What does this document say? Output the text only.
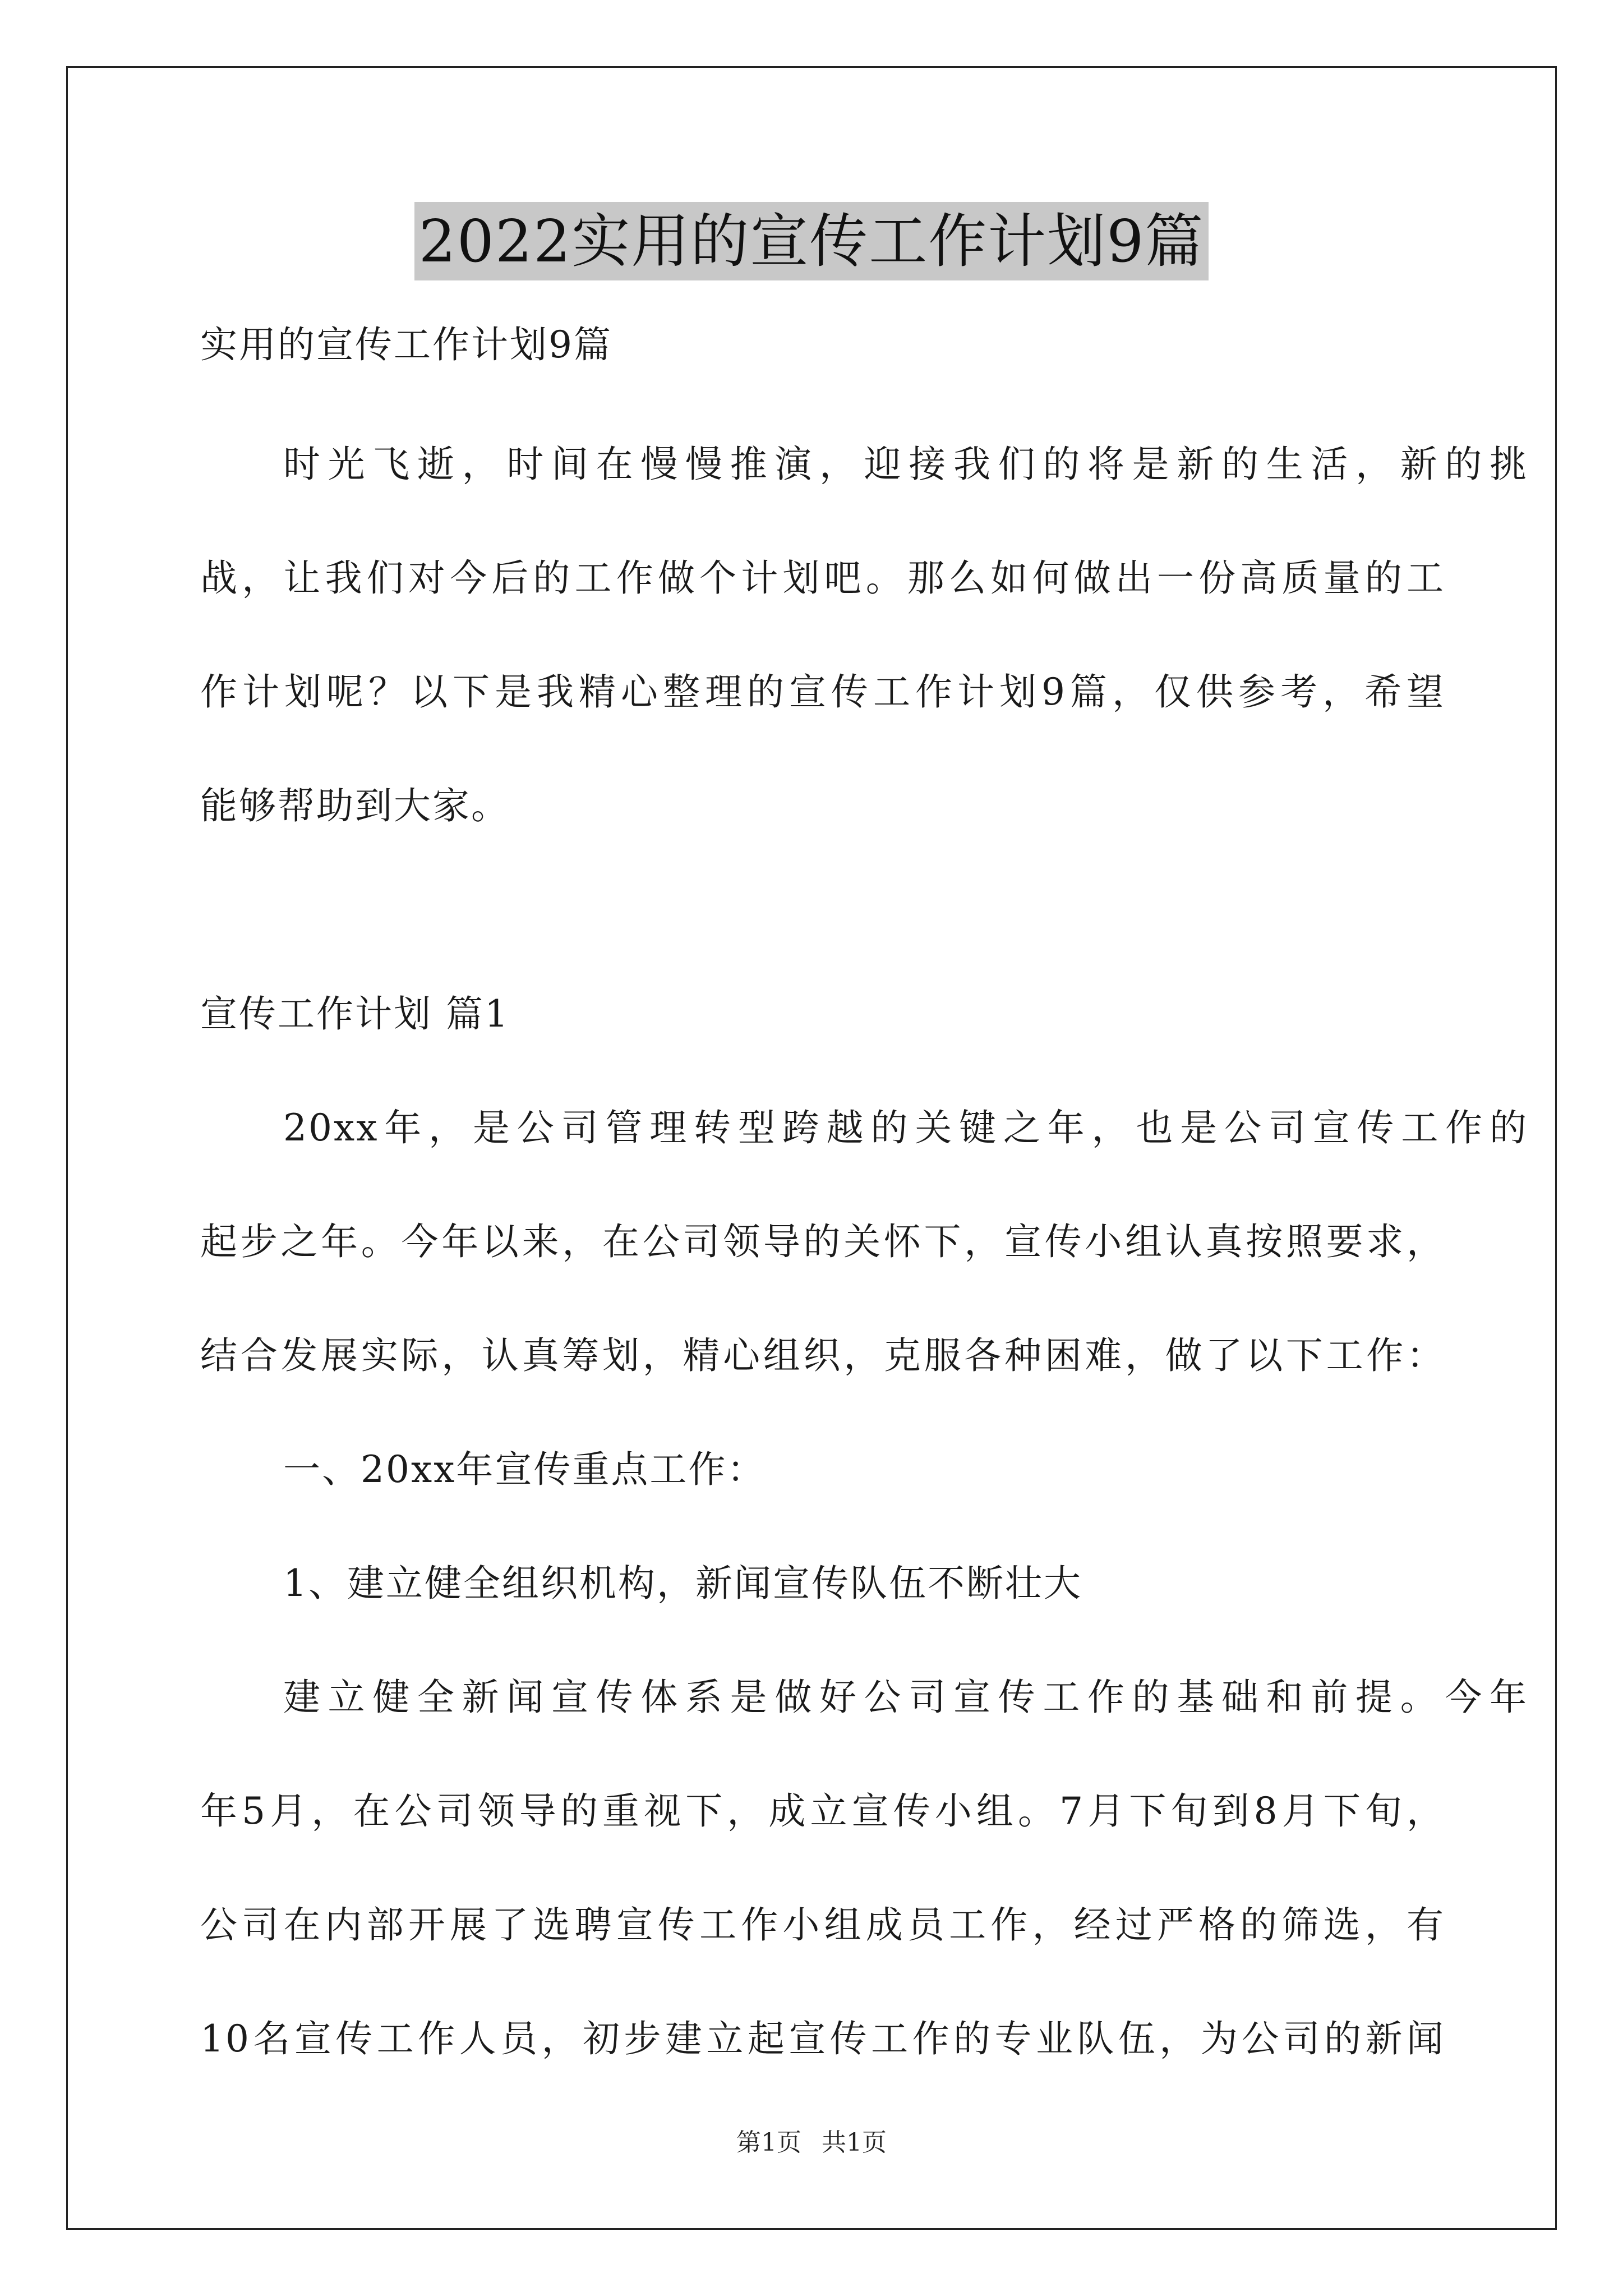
2022实用的宣传工作计划9篇
实用的宣传工作计划9篇
时光飞逝，时间在慢慢推演，迎接我们的将是新的生活，新的挑
战，让我们对今后的工作做个计划吧。那么如何做出一份高质量的工
作计划呢？以下是我精心整理的宣传工作计划9篇，仅供参考，希望
能够帮助到大家。
宣传工作计划 篇1
20xx年，是公司管理转型跨越的关键之年，也是公司宣传工作的
起步之年。今年以来，在公司领导的关怀下，宣传小组认真按照要求，
结合发展实际，认真筹划，精心组织，克服各种困难，做了以下工作：
一、20xx年宣传重点工作：
1、建立健全组织机构，新闻宣传队伍不断壮大
建立健全新闻宣传体系是做好公司宣传工作的基础和前提。今年
年5月，在公司领导的重视下，成立宣传小组。7月下旬到8月下旬，
公司在内部开展了选聘宣传工作小组成员工作，经过严格的筛选，有
10名宣传工作人员，初步建立起宣传工作的专业队伍，为公司的新闻
第1页 共1页
